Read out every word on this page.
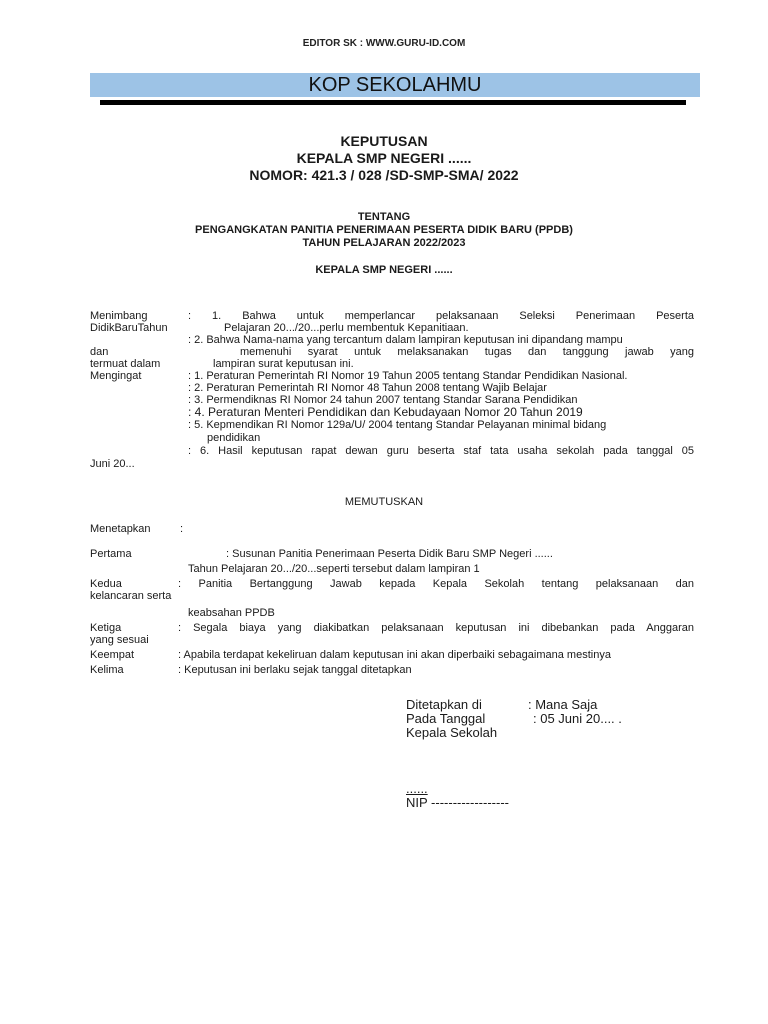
EDITOR SK : WWW.GURU-ID.COM
KOP SEKOLAHMU
KEPUTUSAN
KEPALA SMP NEGERI ......
NOMOR: 421.3 / 028 /SD-SMP-SMA/ 2022
TENTANG
PENGANGKATAN PANITIA PENERIMAAN PESERTA DIDIK BARU (PPDB)
TAHUN PELAJARAN 2022/2023
KEPALA SMP NEGERI ......
Menimbang	: 1. Bahwa untuk memperlancar pelaksanaan Seleksi Penerimaan Peserta
DidikBaruTahun	Pelajaran 20.../20...perlu membentuk Kepanitiaan.
: 2. Bahwa Nama-nama yang tercantum dalam lampiran keputusan ini dipandang mampu
dan	memenuhi syarat untuk melaksanakan tugas dan tanggung jawab yang
termuat dalam	lampiran surat keputusan ini.
Mengingat	: 1. Peraturan Pemerintah RI Nomor 19 Tahun 2005 tentang Standar Pendidikan Nasional.
: 2. Peraturan Pemerintah RI Nomor 48 Tahun 2008 tentang Wajib Belajar
: 3. Permendiknas RI Nomor 24 tahun 2007 tentang Standar Sarana Pendidikan
: 4. Peraturan Menteri Pendidikan dan Kebudayaan Nomor 20 Tahun 2019
: 5. Kepmendikan RI Nomor 129a/U/ 2004 tentang Standar Pelayanan minimal bidang
pendidikan
: 6. Hasil keputusan rapat dewan guru beserta staf tata usaha sekolah pada tanggal 05
Juni 20...
MEMUTUSKAN
Menetapkan	:
Pertama	: Susunan Panitia Penerimaan Peserta Didik Baru SMP Negeri ......
Tahun Pelajaran 20.../20...seperti tersebut dalam lampiran 1
Kedua	: Panitia Bertanggung Jawab kepada Kepala Sekolah tentang pelaksanaan dan
kelancaran serta
keabsahan PPDB
Ketiga	: Segala biaya yang diakibatkan pelaksanaan keputusan ini dibebankan pada Anggaran
yang sesuai
Keempat	: Apabila terdapat kekeliruan dalam keputusan ini akan diperbaiki sebagaimana mestinya
Kelima	: Keputusan ini berlaku sejak tanggal ditetapkan
Ditetapkan di	: Mana Saja
Pada Tanggal	: 05 Juni 20.... .
Kepala Sekolah
......
NIP ------------------
